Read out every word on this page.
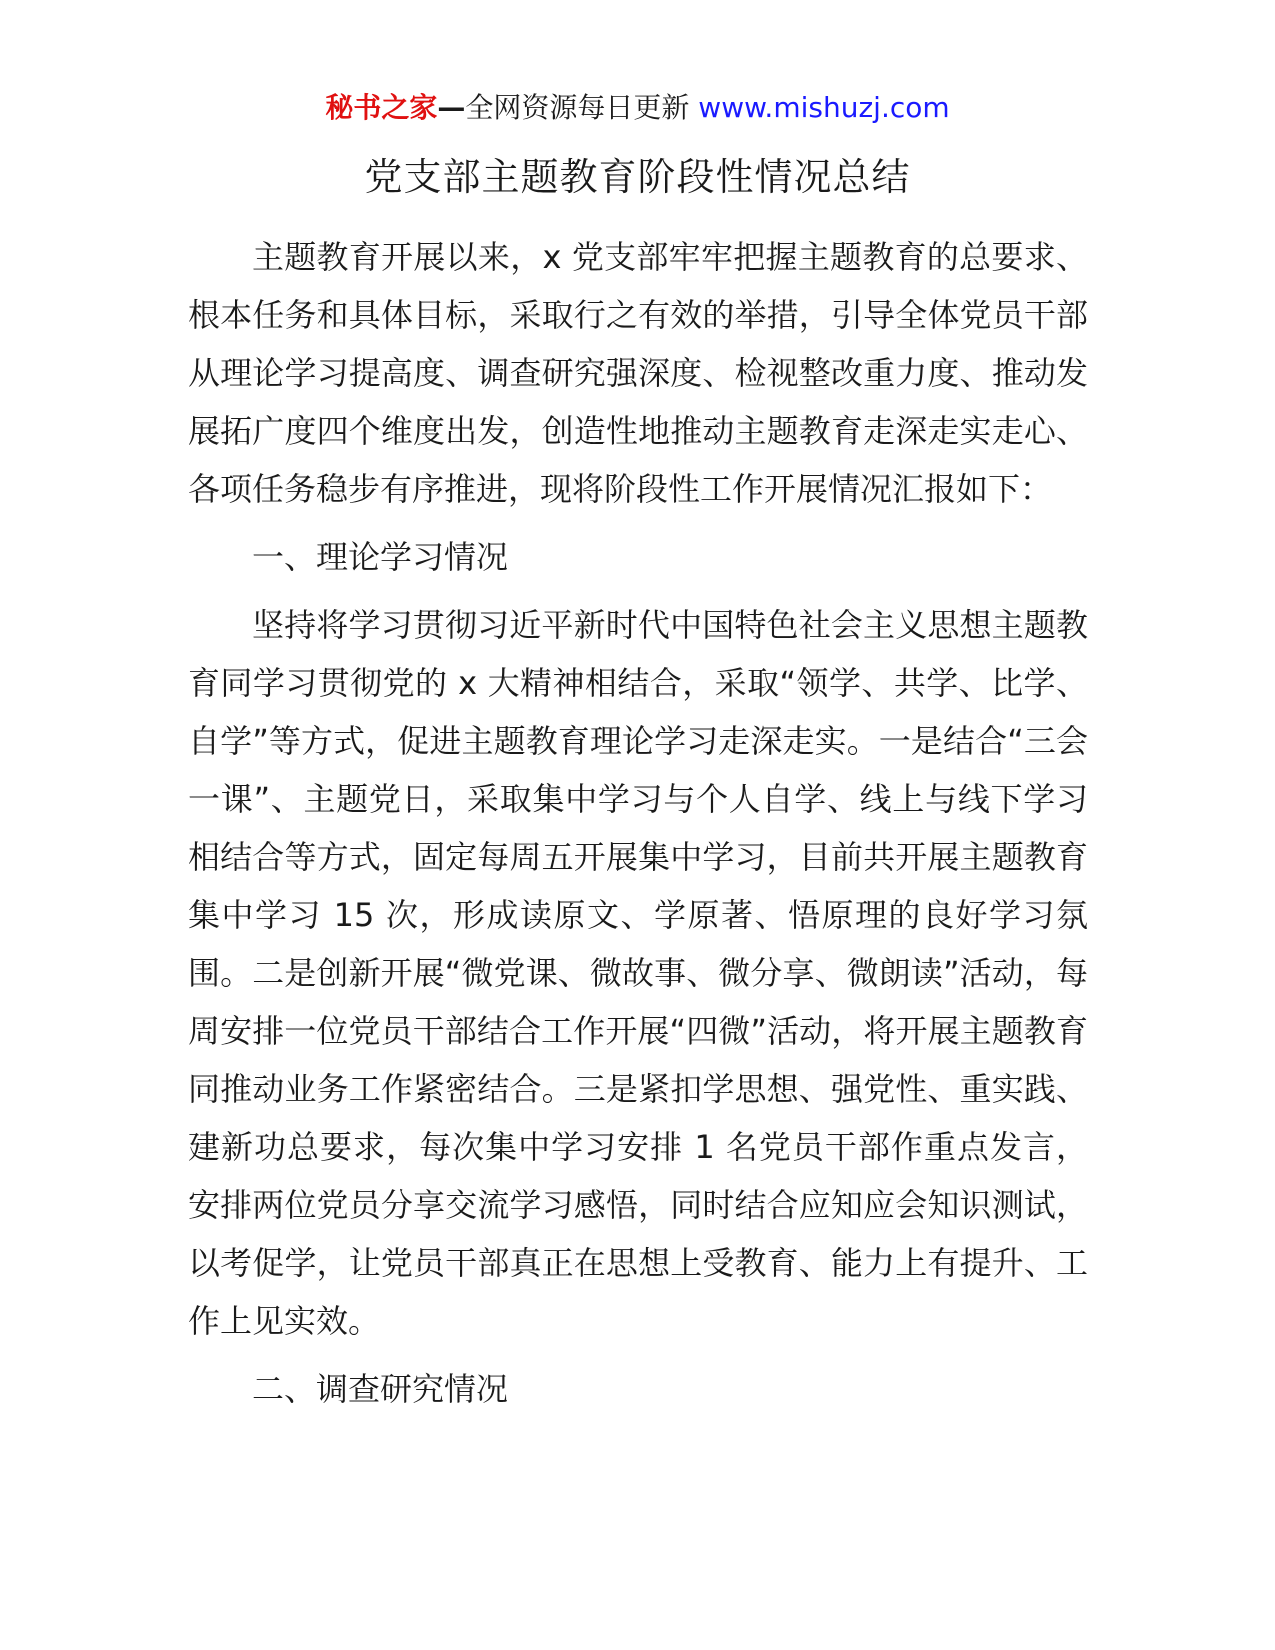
秘书之家—全网资源每日更新 www.mishuzj.com
党支部主题教育阶段性情况总结

主题教育开展以来，x 党支部牢牢把握主题教育的总要求、根本任务和具体目标，采取行之有效的举措，引导全体党员干部从理论学习提高度、调查研究强深度、检视整改重力度、推动发展拓广度四个维度出发，创造性地推动主题教育走深走实走心、各项任务稳步有序推进，现将阶段性工作开展情况汇报如下：

一、理论学习情况

坚持将学习贯彻习近平新时代中国特色社会主义思想主题教育同学习贯彻党的 x 大精神相结合，采取“领学、共学、比学、自学”等方式，促进主题教育理论学习走深走实。一是结合“三会一课”、主题党日，采取集中学习与个人自学、线上与线下学习相结合等方式，固定每周五开展集中学习，目前共开展主题教育集中学习 15 次，形成读原文、学原著、悟原理的良好学习氛围。二是创新开展“微党课、微故事、微分享、微朗读”活动，每周安排一位党员干部结合工作开展“四微”活动，将开展主题教育同推动业务工作紧密结合。三是紧扣学思想、强党性、重实践、建新功总要求，每次集中学习安排 1 名党员干部作重点发言，安排两位党员分享交流学习感悟，同时结合应知应会知识测试，以考促学，让党员干部真正在思想上受教育、能力上有提升、工作上见实效。

二、调查研究情况
